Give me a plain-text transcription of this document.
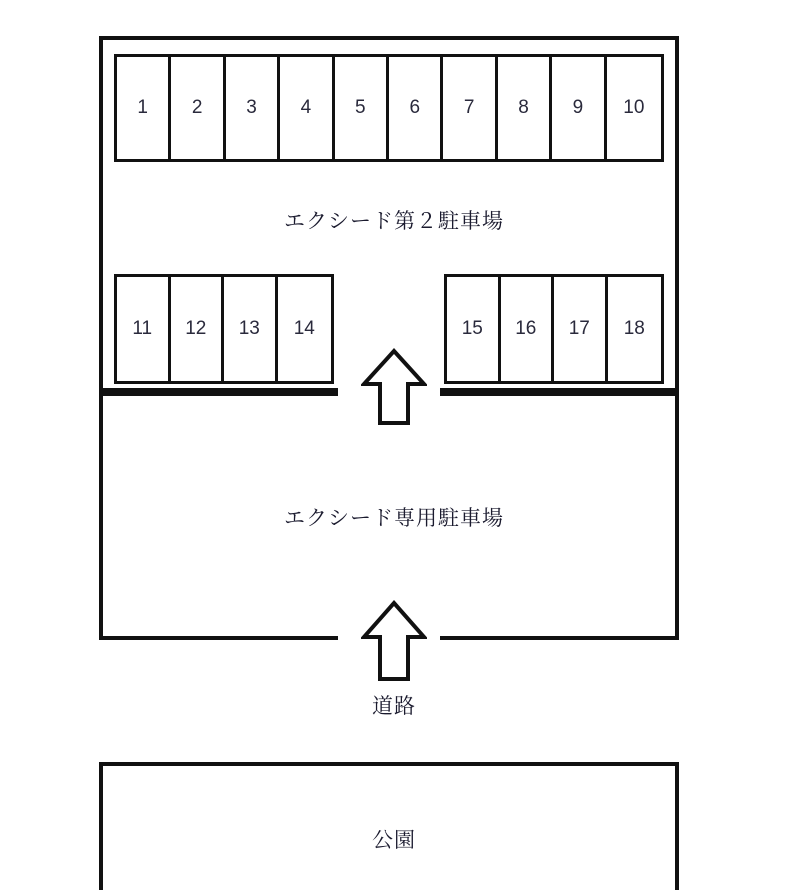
1	2	3	4	5	6	7	8	9	10
エクシード第２駐車場
11	12	13	14	15	16	17	18
エクシード専用駐車場
道路
公園
